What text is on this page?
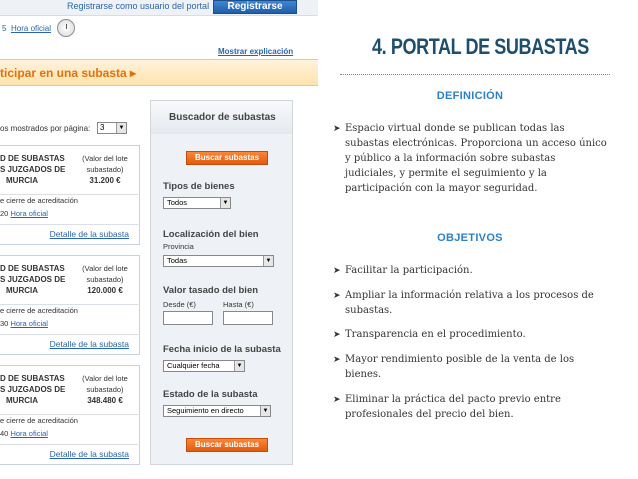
Registrarse como usuario del portal	Registrarse
5 Hora oficial
Mostrar explicación
ticipar en una subasta ▸
os mostrados por página:	3	▼
D DE SUBASTAS
S JUZGADOS DE
MURCIA
(Valor del lote
subastado)
31.200 €
e cierre de acreditación
20 Hora oficial
Detalle de la subasta
D DE SUBASTAS
S JUZGADOS DE
MURCIA
(Valor del lote
subastado)
120.000 €
e cierre de acreditación
30 Hora oficial
Detalle de la subasta
D DE SUBASTAS
S JUZGADOS DE
MURCIA
(Valor del lote
subastado)
348.480 €
e cierre de acreditación
40 Hora oficial
Detalle de la subasta
Buscador de subastas
Buscar subastas
Tipos de bienes
Todos	▼
Localización del bien
Provincia
Todas	▼
Valor tasado del bien
Desde (€)	Hasta (€)
Fecha inicio de la subasta
Cualquier fecha	▼
Estado de la subasta
Seguimiento en directo	▼
Buscar subastas
4. PORTAL DE SUBASTAS
DEFINICIÓN
➤ Espacio virtual donde se publican todas las subastas electrónicas. Proporciona un acceso único y público a la información sobre subastas judiciales, y permite el seguimiento y la participación con la mayor seguridad.
OBJETIVOS
➤ Facilitar la participación.
➤ Ampliar la información relativa a los procesos de subastas.
➤ Transparencia en el procedimiento.
➤ Mayor rendimiento posible de la venta de los bienes.
➤ Eliminar la práctica del pacto previo entre profesionales del precio del bien.
